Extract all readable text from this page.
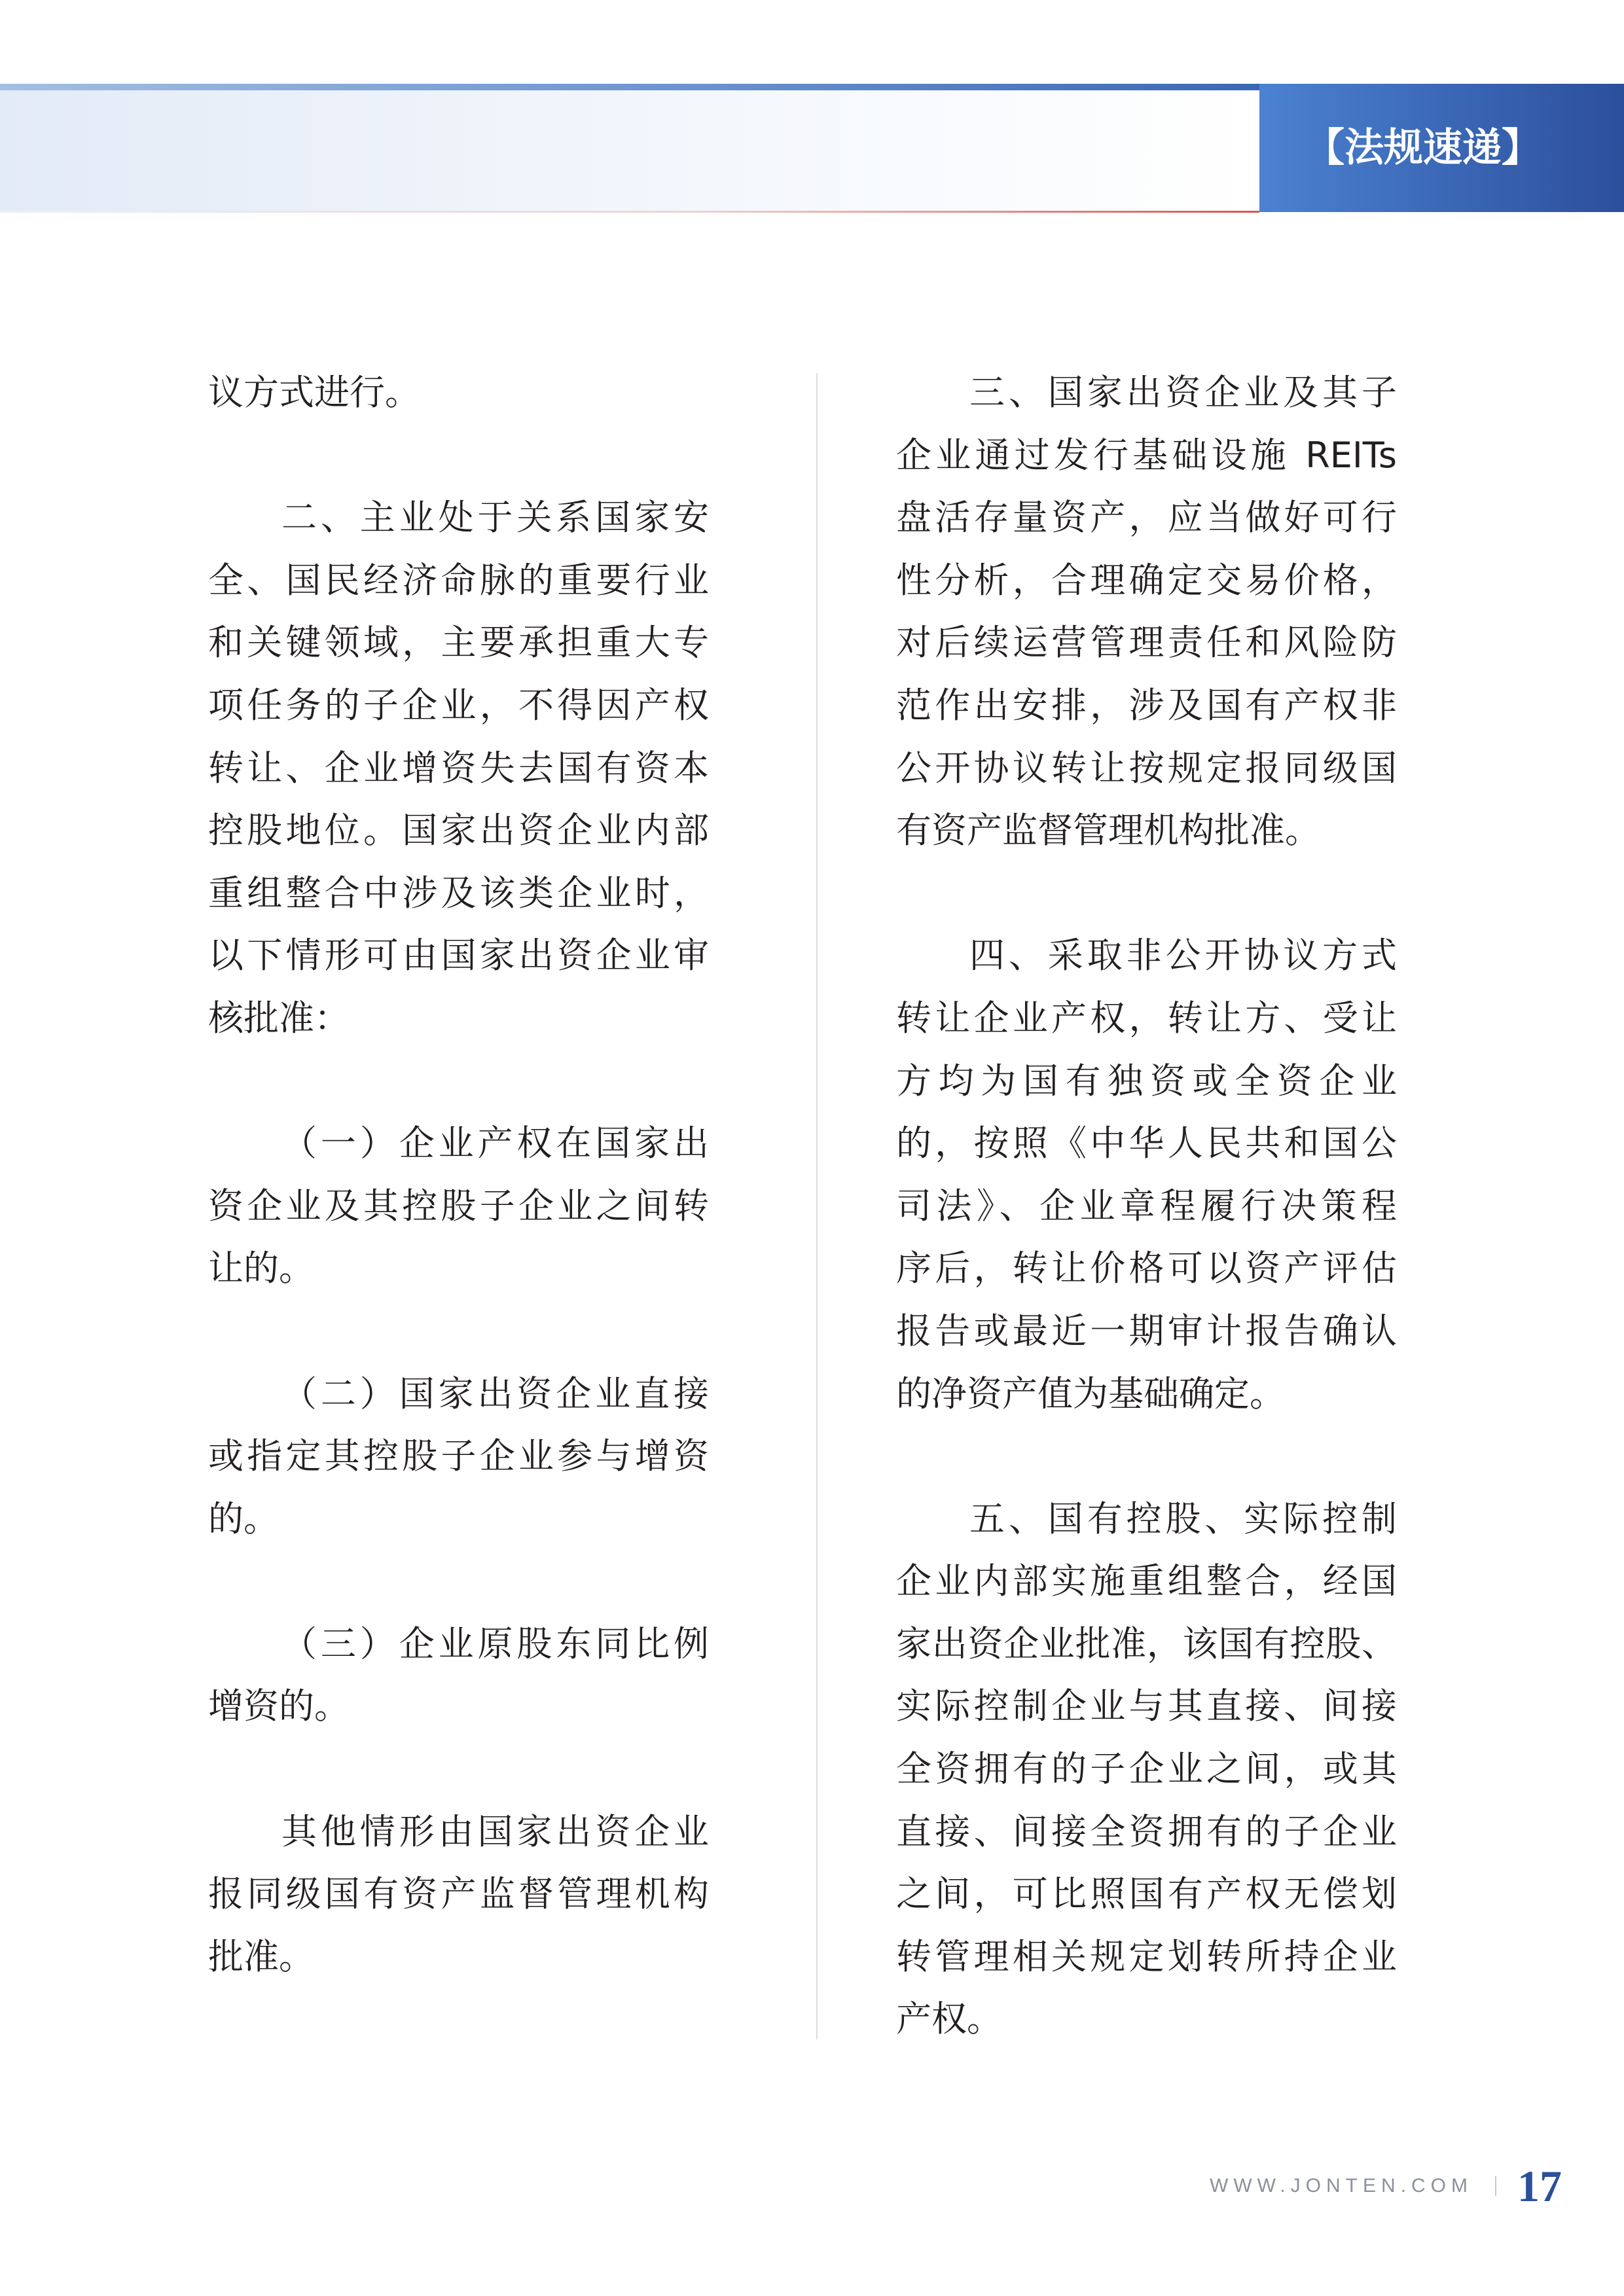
【法规速递】
议方式进行。
二、主业处于关系国家安
全、国民经济命脉的重要行业
和关键领域，主要承担重大专
项任务的子企业，不得因产权
转让、企业增资失去国有资本
控股地位。国家出资企业内部
重组整合中涉及该类企业时，
以下情形可由国家出资企业审
核批准：
（一）企业产权在国家出
资企业及其控股子企业之间转
让的。
（二）国家出资企业直接
或指定其控股子企业参与增资
的。
（三）企业原股东同比例
增资的。
其他情形由国家出资企业
报同级国有资产监督管理机构
批准。
三、国家出资企业及其子
企业通过发行基础设施 REITs
盘活存量资产，应当做好可行
性分析，合理确定交易价格，
对后续运营管理责任和风险防
范作出安排，涉及国有产权非
公开协议转让按规定报同级国
有资产监督管理机构批准。
四、采取非公开协议方式
转让企业产权，转让方、受让
方均为国有独资或全资企业
的，按照《中华人民共和国公
司法》、企业章程履行决策程
序后，转让价格可以资产评估
报告或最近一期审计报告确认
的净资产值为基础确定。
五、国有控股、实际控制
企业内部实施重组整合，经国
家出资企业批准，该国有控股、
实际控制企业与其直接、间接
全资拥有的子企业之间，或其
直接、间接全资拥有的子企业
之间，可比照国有产权无偿划
转管理相关规定划转所持企业
产权。
WWW.JONTEN.COM 17
